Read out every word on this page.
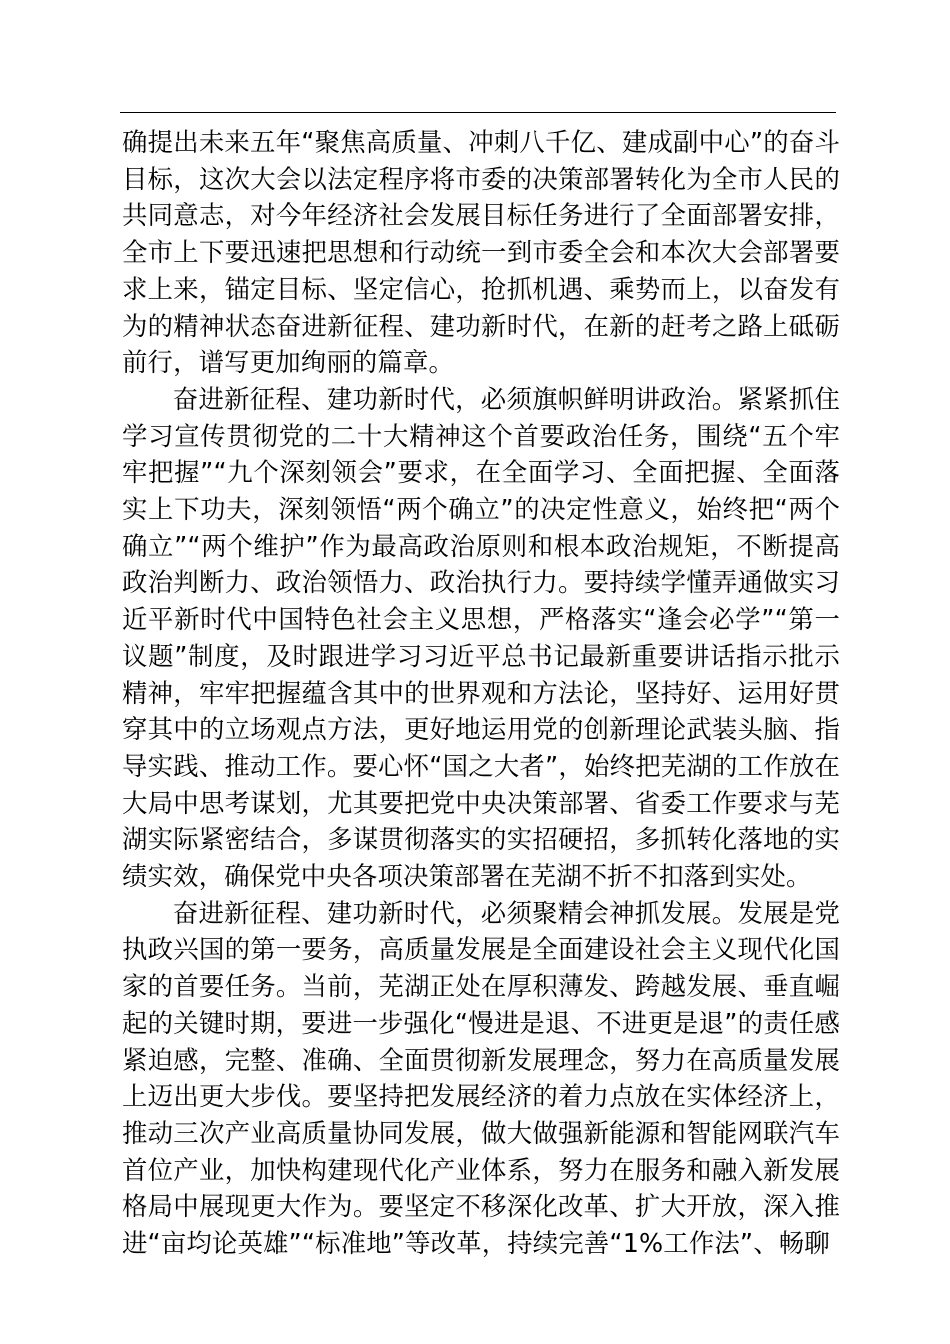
确提出未来五年“聚焦高质量、冲刺八千亿、建成副中心”的奋斗目标，这次大会以法定程序将市委的决策部署转化为全市人民的共同意志，对今年经济社会发展目标任务进行了全面部署安排，全市上下要迅速把思想和行动统一到市委全会和本次大会部署要求上来，锚定目标、坚定信心，抢抓机遇、乘势而上，以奋发有为的精神状态奋进新征程、建功新时代，在新的赶考之路上砥砺前行，谱写更加绚丽的篇章。

奋进新征程、建功新时代，必须旗帜鲜明讲政治。紧紧抓住学习宣传贯彻党的二十大精神这个首要政治任务，围绕“五个牢牢把握”“九个深刻领会”要求，在全面学习、全面把握、全面落实上下功夫，深刻领悟“两个确立”的决定性意义，始终把“两个确立”“两个维护”作为最高政治原则和根本政治规矩，不断提高政治判断力、政治领悟力、政治执行力。要持续学懂弄通做实习近平新时代中国特色社会主义思想，严格落实“逢会必学”“第一议题”制度，及时跟进学习习近平总书记最新重要讲话指示批示精神，牢牢把握蕴含其中的世界观和方法论，坚持好、运用好贯穿其中的立场观点方法，更好地运用党的创新理论武装头脑、指导实践、推动工作。要心怀“国之大者”，始终把芜湖的工作放在大局中思考谋划，尤其要把党中央决策部署、省委工作要求与芜湖实际紧密结合，多谋贯彻落实的实招硬招，多抓转化落地的实绩实效，确保党中央各项决策部署在芜湖不折不扣落到实处。

奋进新征程、建功新时代，必须聚精会神抓发展。发展是党执政兴国的第一要务，高质量发展是全面建设社会主义现代化国家的首要任务。当前，芜湖正处在厚积薄发、跨越发展、垂直崛起的关键时期，要进一步强化“慢进是退、不进更是退”的责任感紧迫感，完整、准确、全面贯彻新发展理念，努力在高质量发展上迈出更大步伐。要坚持把发展经济的着力点放在实体经济上，推动三次产业高质量协同发展，做大做强新能源和智能网联汽车首位产业，加快构建现代化产业体系，努力在服务和融入新发展格局中展现更大作为。要坚定不移深化改革、扩大开放，深入推进“亩均论英雄”“标准地”等改革，持续完善“1%工作法”、畅聊
